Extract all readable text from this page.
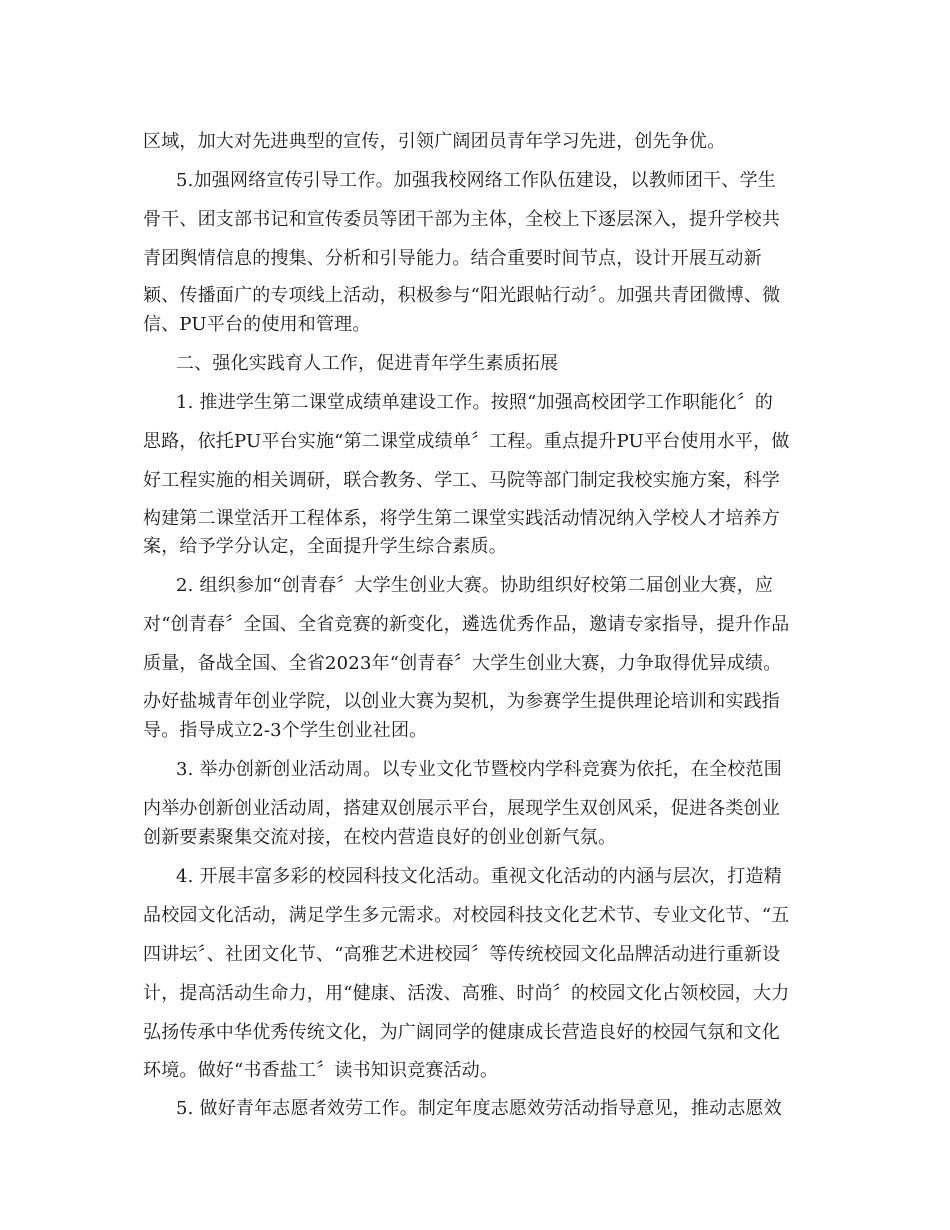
区域，加大对先进典型的宣传，引领广阔团员青年学习先进，创先争优。
5.加强网络宣传引导工作。加强我校网络工作队伍建设，以教师团干、学生
骨干、团支部书记和宣传委员等团干部为主体，全校上下逐层深入，提升学校共
青团舆情信息的搜集、分析和引导能力。结合重要时间节点，设计开展互动新
颖、传播面广的专项线上活动，积极参与“阳光跟帖行动〞。加强共青团微博、微
信、PU平台的使用和管理。
二、强化实践育人工作，促进青年学生素质拓展
1. 推进学生第二课堂成绩单建设工作。按照“加强高校团学工作职能化〞的
思路，依托PU平台实施“第二课堂成绩单〞工程。重点提升PU平台使用水平，做
好工程实施的相关调研，联合教务、学工、马院等部门制定我校实施方案，科学
构建第二课堂活开工程体系，将学生第二课堂实践活动情况纳入学校人才培养方
案，给予学分认定，全面提升学生综合素质。
2. 组织参加“创青春〞大学生创业大赛。协助组织好校第二届创业大赛，应
对“创青春〞全国、全省竞赛的新变化，遴选优秀作品，邀请专家指导，提升作品
质量，备战全国、全省2023年“创青春〞大学生创业大赛，力争取得优异成绩。
办好盐城青年创业学院，以创业大赛为契机，为参赛学生提供理论培训和实践指
导。指导成立2-3个学生创业社团。
3. 举办创新创业活动周。以专业文化节暨校内学科竞赛为依托，在全校范围
内举办创新创业活动周，搭建双创展示平台，展现学生双创风采，促进各类创业
创新要素聚集交流对接，在校内营造良好的创业创新气氛。
4. 开展丰富多彩的校园科技文化活动。重视文化活动的内涵与层次，打造精
品校园文化活动，满足学生多元需求。对校园科技文化艺术节、专业文化节、“五
四讲坛〞、社团文化节、“高雅艺术进校园〞等传统校园文化品牌活动进行重新设
计，提高活动生命力，用“健康、活泼、高雅、时尚〞的校园文化占领校园，大力
弘扬传承中华优秀传统文化，为广阔同学的健康成长营造良好的校园气氛和文化
环境。做好“书香盐工〞读书知识竞赛活动。
5. 做好青年志愿者效劳工作。制定年度志愿效劳活动指导意见，推动志愿效
